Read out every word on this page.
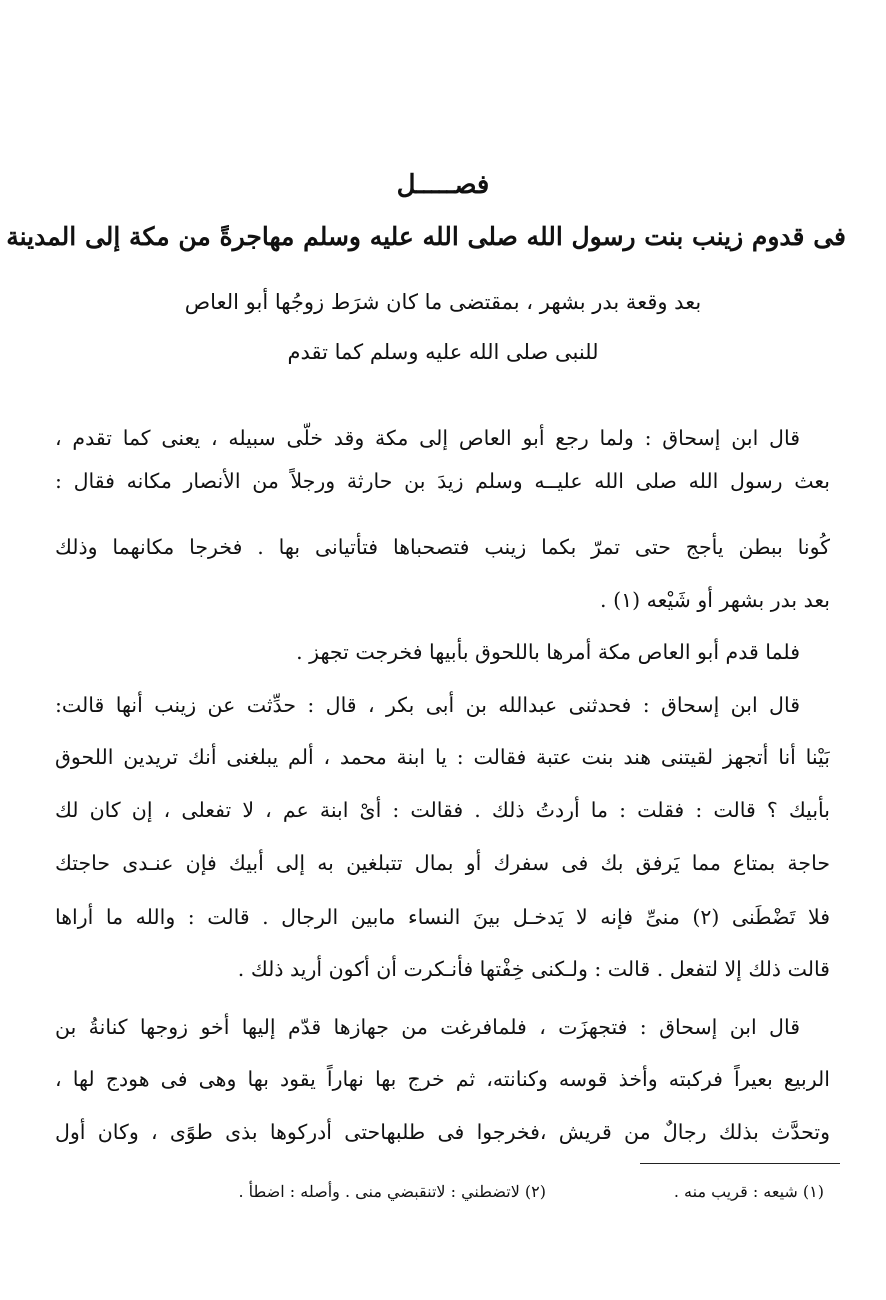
فصـــــل
فى قدوم زينب بنت رسول الله صلى الله عليه وسلم مهاجرةً من مكة إلى المدينة
بعد وقعة بدر بشهر ، بمقتضى ما كان شرَط زوجُها أبو العاص
للنبى صلى الله عليه وسلم كما تقدم
قال ابن إسحاق : ولما رجع أبو العاص إلى مكة وقد خلّى سبيله ، يعنى كما تقدم ،
بعث رسول الله صلى الله عليــه وسلم زيدَ بن حارثة ورجلاً من الأنصار مكانه فقال :
كُونا ببطن يأجج حتى تمرّ بكما زينب فتصحباها فتأتيانى بها . فخرجا مكانهما وذلك
بعد بدر بشهر أو شَيْعه (١) .
فلما قدم أبو العاص مكة أمرها باللحوق بأبيها فخرجت تجهز .
قال ابن إسحاق : فحدثنى عبدالله بن أبى بكر ، قال : حدِّثت عن زينب أنها قالت:
بَيْنا أنا أتجهز لقيتنى هند بنت عتبة فقالت : يا ابنة محمد ، ألم يبلغنى أنك تريدين اللحوق
بأبيك ؟ قالت : فقلت : ما أردتُ ذلك . فقالت : أىْ ابنة عم ، لا تفعلى ، إن كان لك
حاجة بمتاع مما يَرفق بك فى سفرك أو بمال تتبلغين به إلى أبيك فإن عنـدى حاجتك
فلا تَضْطَنى (٢) منىِّ فإنه لا يَدخـل بينَ النساء مابين الرجال . قالت : والله ما أراها
قالت ذلك إلا لتفعل . قالت : ولـكنى خِفْتها فأنـكرت أن أكون أريد ذلك .
قال ابن إسحاق : فتجهزَت ، فلمافرغت من جهازها قدّم إليها أخو زوجها كنانةُ بن
الربيع بعيراً فركبته وأخذ قوسه وكنانته، ثم خرج بها نهاراً يقود بها وهى فى هودج لها ،
وتحدَّث بذلك رجالٌ من قريش ،فخرجوا فى طلبهاحتى أدركوها بذى طوًى ، وكان أول
(١) شيعه : قريب منه .
(٢) لاتضطني : لاتنقبضي منى . وأصله : اضطأ .
